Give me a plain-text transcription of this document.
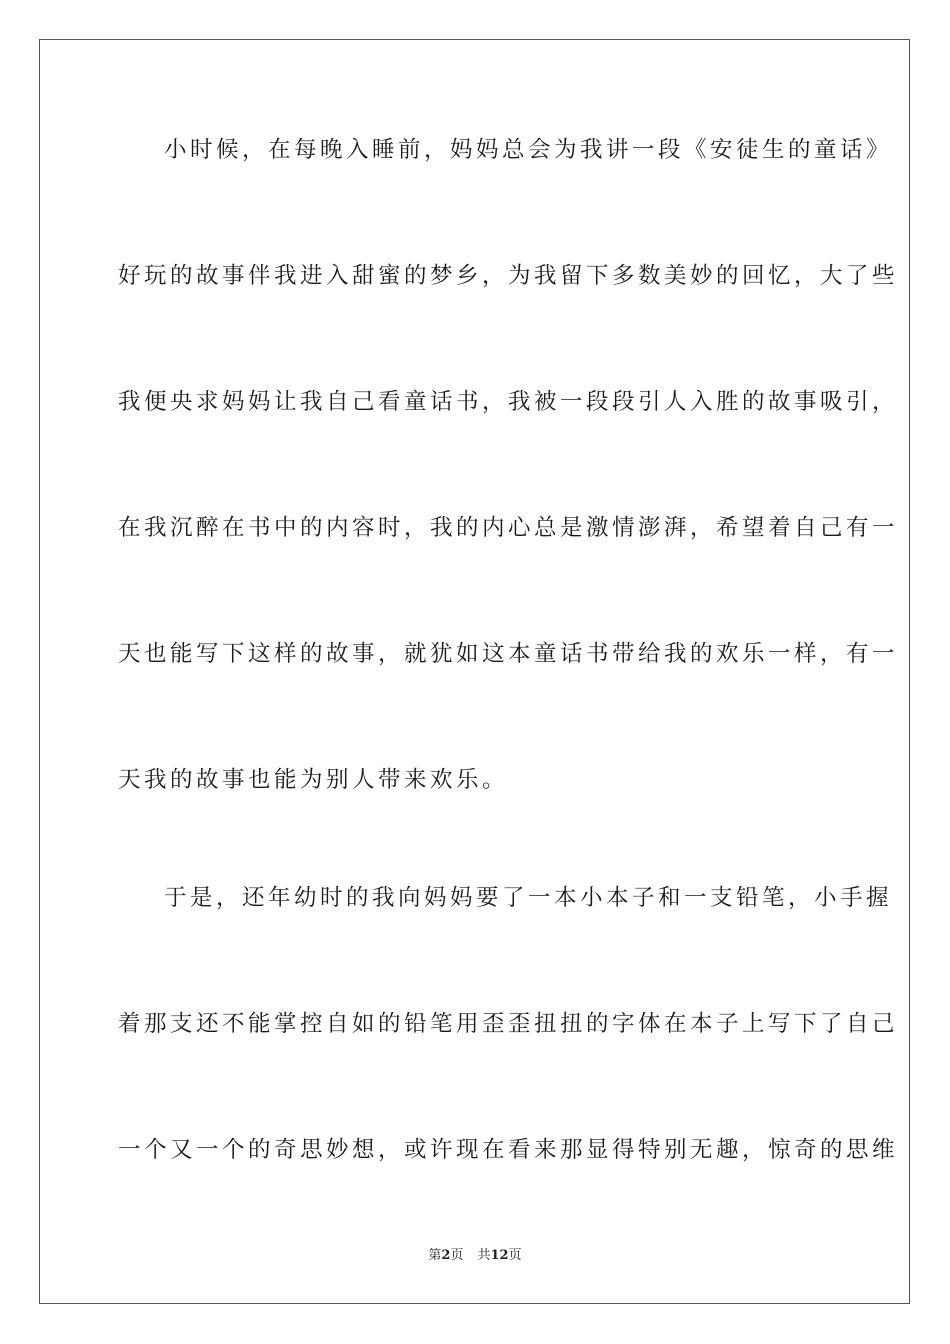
小时候，在每晚入睡前，妈妈总会为我讲一段《安徒生的童话》
好玩的故事伴我进入甜蜜的梦乡，为我留下多数美妙的回忆，大了些
我便央求妈妈让我自己看童话书，我被一段段引人入胜的故事吸引，
在我沉醉在书中的内容时，我的内心总是激情澎湃，希望着自己有一
天也能写下这样的故事，就犹如这本童话书带给我的欢乐一样，有一
天我的故事也能为别人带来欢乐。
于是，还年幼时的我向妈妈要了一本小本子和一支铅笔，小手握
着那支还不能掌控自如的铅笔用歪歪扭扭的字体在本子上写下了自己
一个又一个的奇思妙想，或许现在看来那显得特别无趣，惊奇的思维
第2页 共12页
